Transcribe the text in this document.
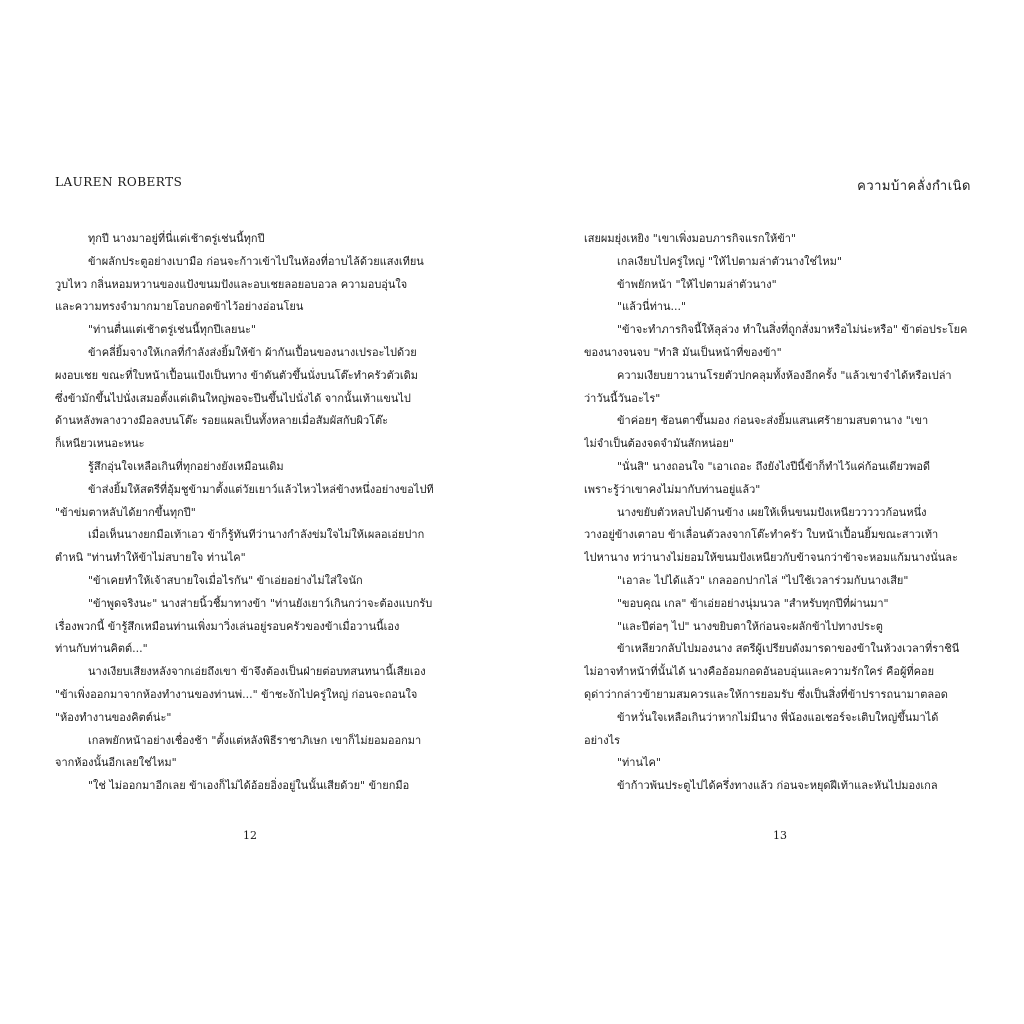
LAUREN ROBERTS
ทุกปี นางมาอยู่ที่นี่แต่เช้าตรู่เช่นนี้ทุกปี
ข้าผลักประตูอย่างเบามือ ก่อนจะก้าวเข้าไปในห้องที่อาบไล้ด้วยแสงเทียน
วูบไหว กลิ่นหอมหวานของแป้งขนมปังและอบเชยลอยอบอวล ความอบอุ่นใจ
และความทรงจำมากมายโอบกอดข้าไว้อย่างอ่อนโยน
"ท่านตื่นแต่เช้าตรู่เช่นนี้ทุกปีเลยนะ"
ข้าคลี่ยิ้มจางให้เกลที่กำลังส่งยิ้มให้ข้า ผ้ากันเปื้อนของนางเปรอะไปด้วย
ผงอบเชย ขณะที่ใบหน้าเปื้อนแป้งเป็นทาง ข้าดันตัวขึ้นนั่งบนโต๊ะทำครัวตัวเดิม
ซึ่งข้ามักขึ้นไปนั่งเสมอตั้งแต่เดินใหญ่พอจะปีนขึ้นไปนั่งได้ จากนั้นเท้าแขนไป
ด้านหลังพลางวางมือลงบนโต๊ะ รอยแผลเป็นทั้งหลายเมื่อสัมผัสกับผิวโต๊ะ
ก็เหนียวเหนอะหนะ
รู้สึกอุ่นใจเหลือเกินที่ทุกอย่างยังเหมือนเดิม
ข้าส่งยิ้มให้สตรีที่อุ้มชูข้ามาตั้งแต่วัยเยาว์แล้วไหวไหล่ข้างหนึ่งอย่างขอไปที
"ข้าข่มตาหลับได้ยากขึ้นทุกปี"
เมื่อเห็นนางยกมือเท้าเอว ข้าก็รู้ทันทีว่านางกำลังข่มใจไม่ให้เผลอเอ่ยปาก
ตำหนิ "ท่านทำให้ข้าไม่สบายใจ ท่านไค"
"ข้าเคยทำให้เจ้าสบายใจเมื่อไรกัน" ข้าเอ่ยอย่างไม่ใส่ใจนัก
"ข้าพูดจริงนะ" นางส่ายนิ้วชี้มาทางข้า "ท่านยังเยาว์เกินกว่าจะต้องแบกรับ
เรื่องพวกนี้ ข้ารู้สึกเหมือนท่านเพิ่งมาวิ่งเล่นอยู่รอบครัวของข้าเมื่อวานนี้เอง
ท่านกับท่านคิตต์..."
นางเงียบเสียงหลังจากเอ่ยถึงเขา ข้าจึงต้องเป็นฝ่ายต่อบทสนทนานี้เสียเอง
"ข้าเพิ่งออกมาจากห้องทำงานของท่านพ่..." ข้าชะงักไปครู่ใหญ่ ก่อนจะถอนใจ
"ห้องทำงานของคิตต์น่ะ"
เกลพยักหน้าอย่างเชื่องช้า "ตั้งแต่หลังพิธีราชาภิเษก เขาก็ไม่ยอมออกมา
จากห้องนั้นอีกเลยใช่ไหม"
"ใช่ ไม่ออกมาอีกเลย ข้าเองก็ไม่ได้อ้อยอิ่งอยู่ในนั้นเสียด้วย" ข้ายกมือ
12
ความบ้าคลั่งกำเนิด
เสยผมยุ่งเหยิง "เขาเพิ่งมอบภารกิจแรกให้ข้า"
เกลเงียบไปครู่ใหญ่ "ให้ไปตามล่าตัวนางใช่ไหม"
ข้าพยักหน้า "ให้ไปตามล่าตัวนาง"
"แล้วนี่ท่าน..."
"ข้าจะทำภารกิจนี้ให้ลุล่วง ทำในสิ่งที่ถูกสั่งมาหรือไม่น่ะหรือ" ข้าต่อประโยค
ของนางจนจบ "ทำสิ มันเป็นหน้าที่ของข้า"
ความเงียบยาวนานโรยตัวปกคลุมทั้งห้องอีกครั้ง "แล้วเขาจำได้หรือเปล่า
ว่าวันนี้วันอะไร"
ข้าค่อยๆ ช้อนตาขึ้นมอง ก่อนจะส่งยิ้มแสนเศร้ายามสบตานาง "เขา
ไม่จำเป็นต้องจดจำมันสักหน่อย"
"นั่นสิ" นางถอนใจ "เอาเถอะ ถึงยังไงปีนี้ข้าก็ทำไว้แค่ก้อนเดียวพอดี
เพราะรู้ว่าเขาคงไม่มากับท่านอยู่แล้ว"
นางขยับตัวหลบไปด้านข้าง เผยให้เห็นขนมปังเหนียวววววก้อนหนึ่ง
วางอยู่ข้างเตาอบ ข้าเลื่อนตัวลงจากโต๊ะทำครัว ใบหน้าเปื้อนยิ้มขณะสาวเท้า
ไปหานาง ทว่านางไม่ยอมให้ขนมปังเหนียวกับข้าจนกว่าข้าจะหอมแก้มนางนั่นละ
"เอาละ ไปได้แล้ว" เกลออกปากไล่ "ไปใช้เวลาร่วมกับนางเสีย"
"ขอบคุณ เกล" ข้าเอ่ยอย่างนุ่มนวล "สำหรับทุกปีที่ผ่านมา"
"และปีต่อๆ ไป" นางขยิบตาให้ก่อนจะผลักข้าไปทางประตู
ข้าเหลียวกลับไปมองนาง สตรีผู้เปรียบดังมารดาของข้าในห้วงเวลาที่ราชินี
ไม่อาจทำหน้าที่นั้นได้ นางคืออ้อมกอดอันอบอุ่นและความรักใคร่ คือผู้ที่คอย
ดุด่าว่ากล่าวข้ายามสมควรและให้การยอมรับ ซึ่งเป็นสิ่งที่ข้าปรารถนามาตลอด
ข้าหวั่นใจเหลือเกินว่าหากไม่มีนาง พี่น้องแอเชอร์จะเติบใหญ่ขึ้นมาได้
อย่างไร
"ท่านไค"
ข้าก้าวพ้นประตูไปได้ครึ่งทางแล้ว ก่อนจะหยุดฝีเท้าและหันไปมองเกล
13
